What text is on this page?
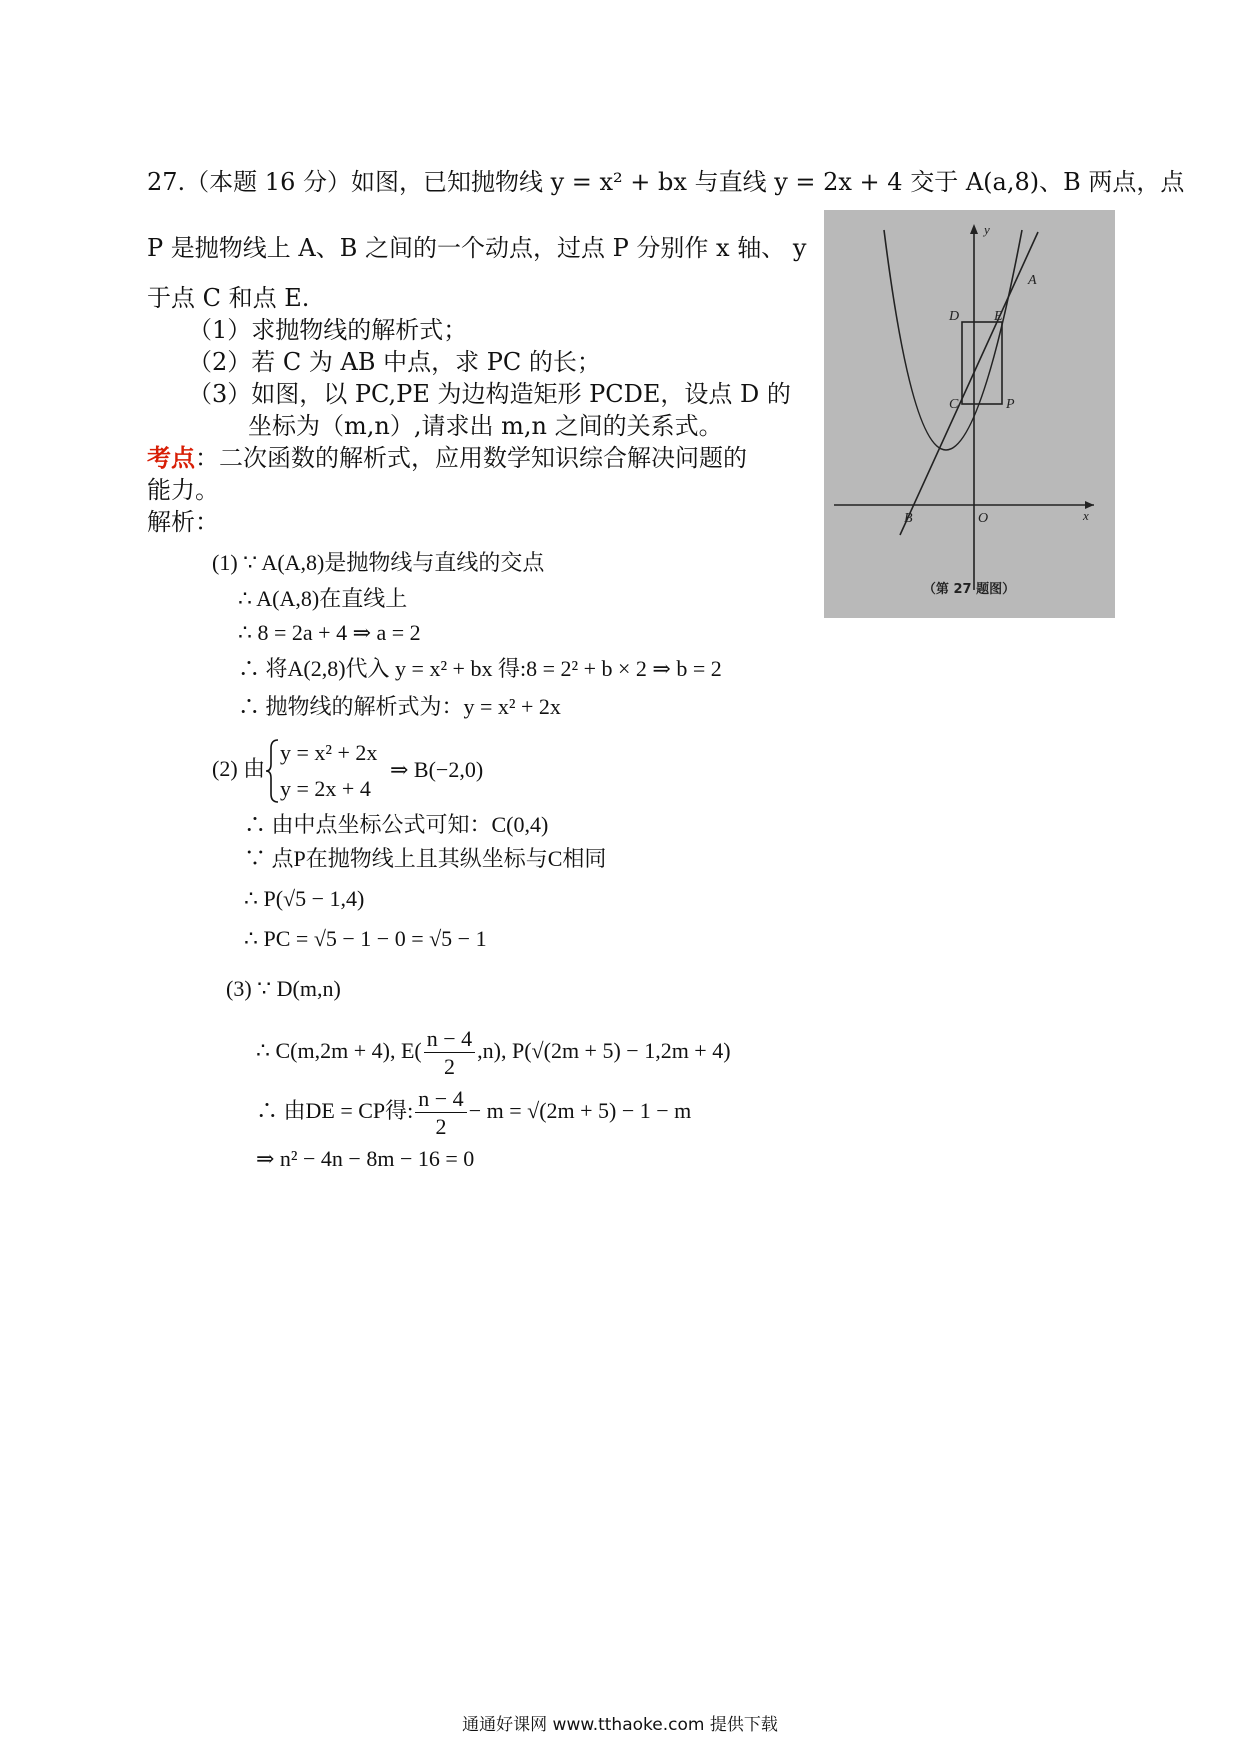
27.（本题 16 分）如图，已知抛物线 y = x² + bx 与直线 y = 2x + 4 交于 A(a,8)、B 两点，点
P 是抛物线上 A、B 之间的一个动点，过点 P 分别作 x 轴、 y
于点 C 和点 E.
（1）求抛物线的解析式；
（2）若 C 为 AB 中点，求 PC 的长；
（3）如图，以 PC,PE 为边构造矩形 PCDE，设点 D 的
坐标为（m,n）,请求出 m,n 之间的关系式。
考点：二次函数的解析式，应用数学知识综合解决问题的
能力。
解析：
(1) ∵ A(A,8)是抛物线与直线的交点
∴ A(A,8)在直线上
∴ 8 = 2a + 4 ⇒ a = 2
∴ 将A(2,8)代入 y = x² + bx 得:8 = 2² + b × 2 ⇒ b = 2
∴ 抛物线的解析式为：y = x² + 2x
(2) 由
y = x² + 2x
y = 2x + 4
⇒ B(−2,0)
∴ 由中点坐标公式可知：C(0,4)
∵ 点P在抛物线上且其纵坐标与C相同
∴ P(√5 − 1,4)
∴ PC = √5 − 1 − 0 = √5 − 1
(3) ∵ D(m,n)
∴ C(m,2m + 4), $E( \frac{n - 4}{2} ,n)$, P(√(2m + 5) − 1,2m + 4)
∴ 由DE = CP得: $\frac{n - 4}{2} - m = √(2m + 5) - 1 - m$
⇒ n² − 4n − 8m − 16 = 0
y
x
A
B	O
C
D E
P
（第 27 题图）
通通好课网 www.tthaoke.com 提供下载
